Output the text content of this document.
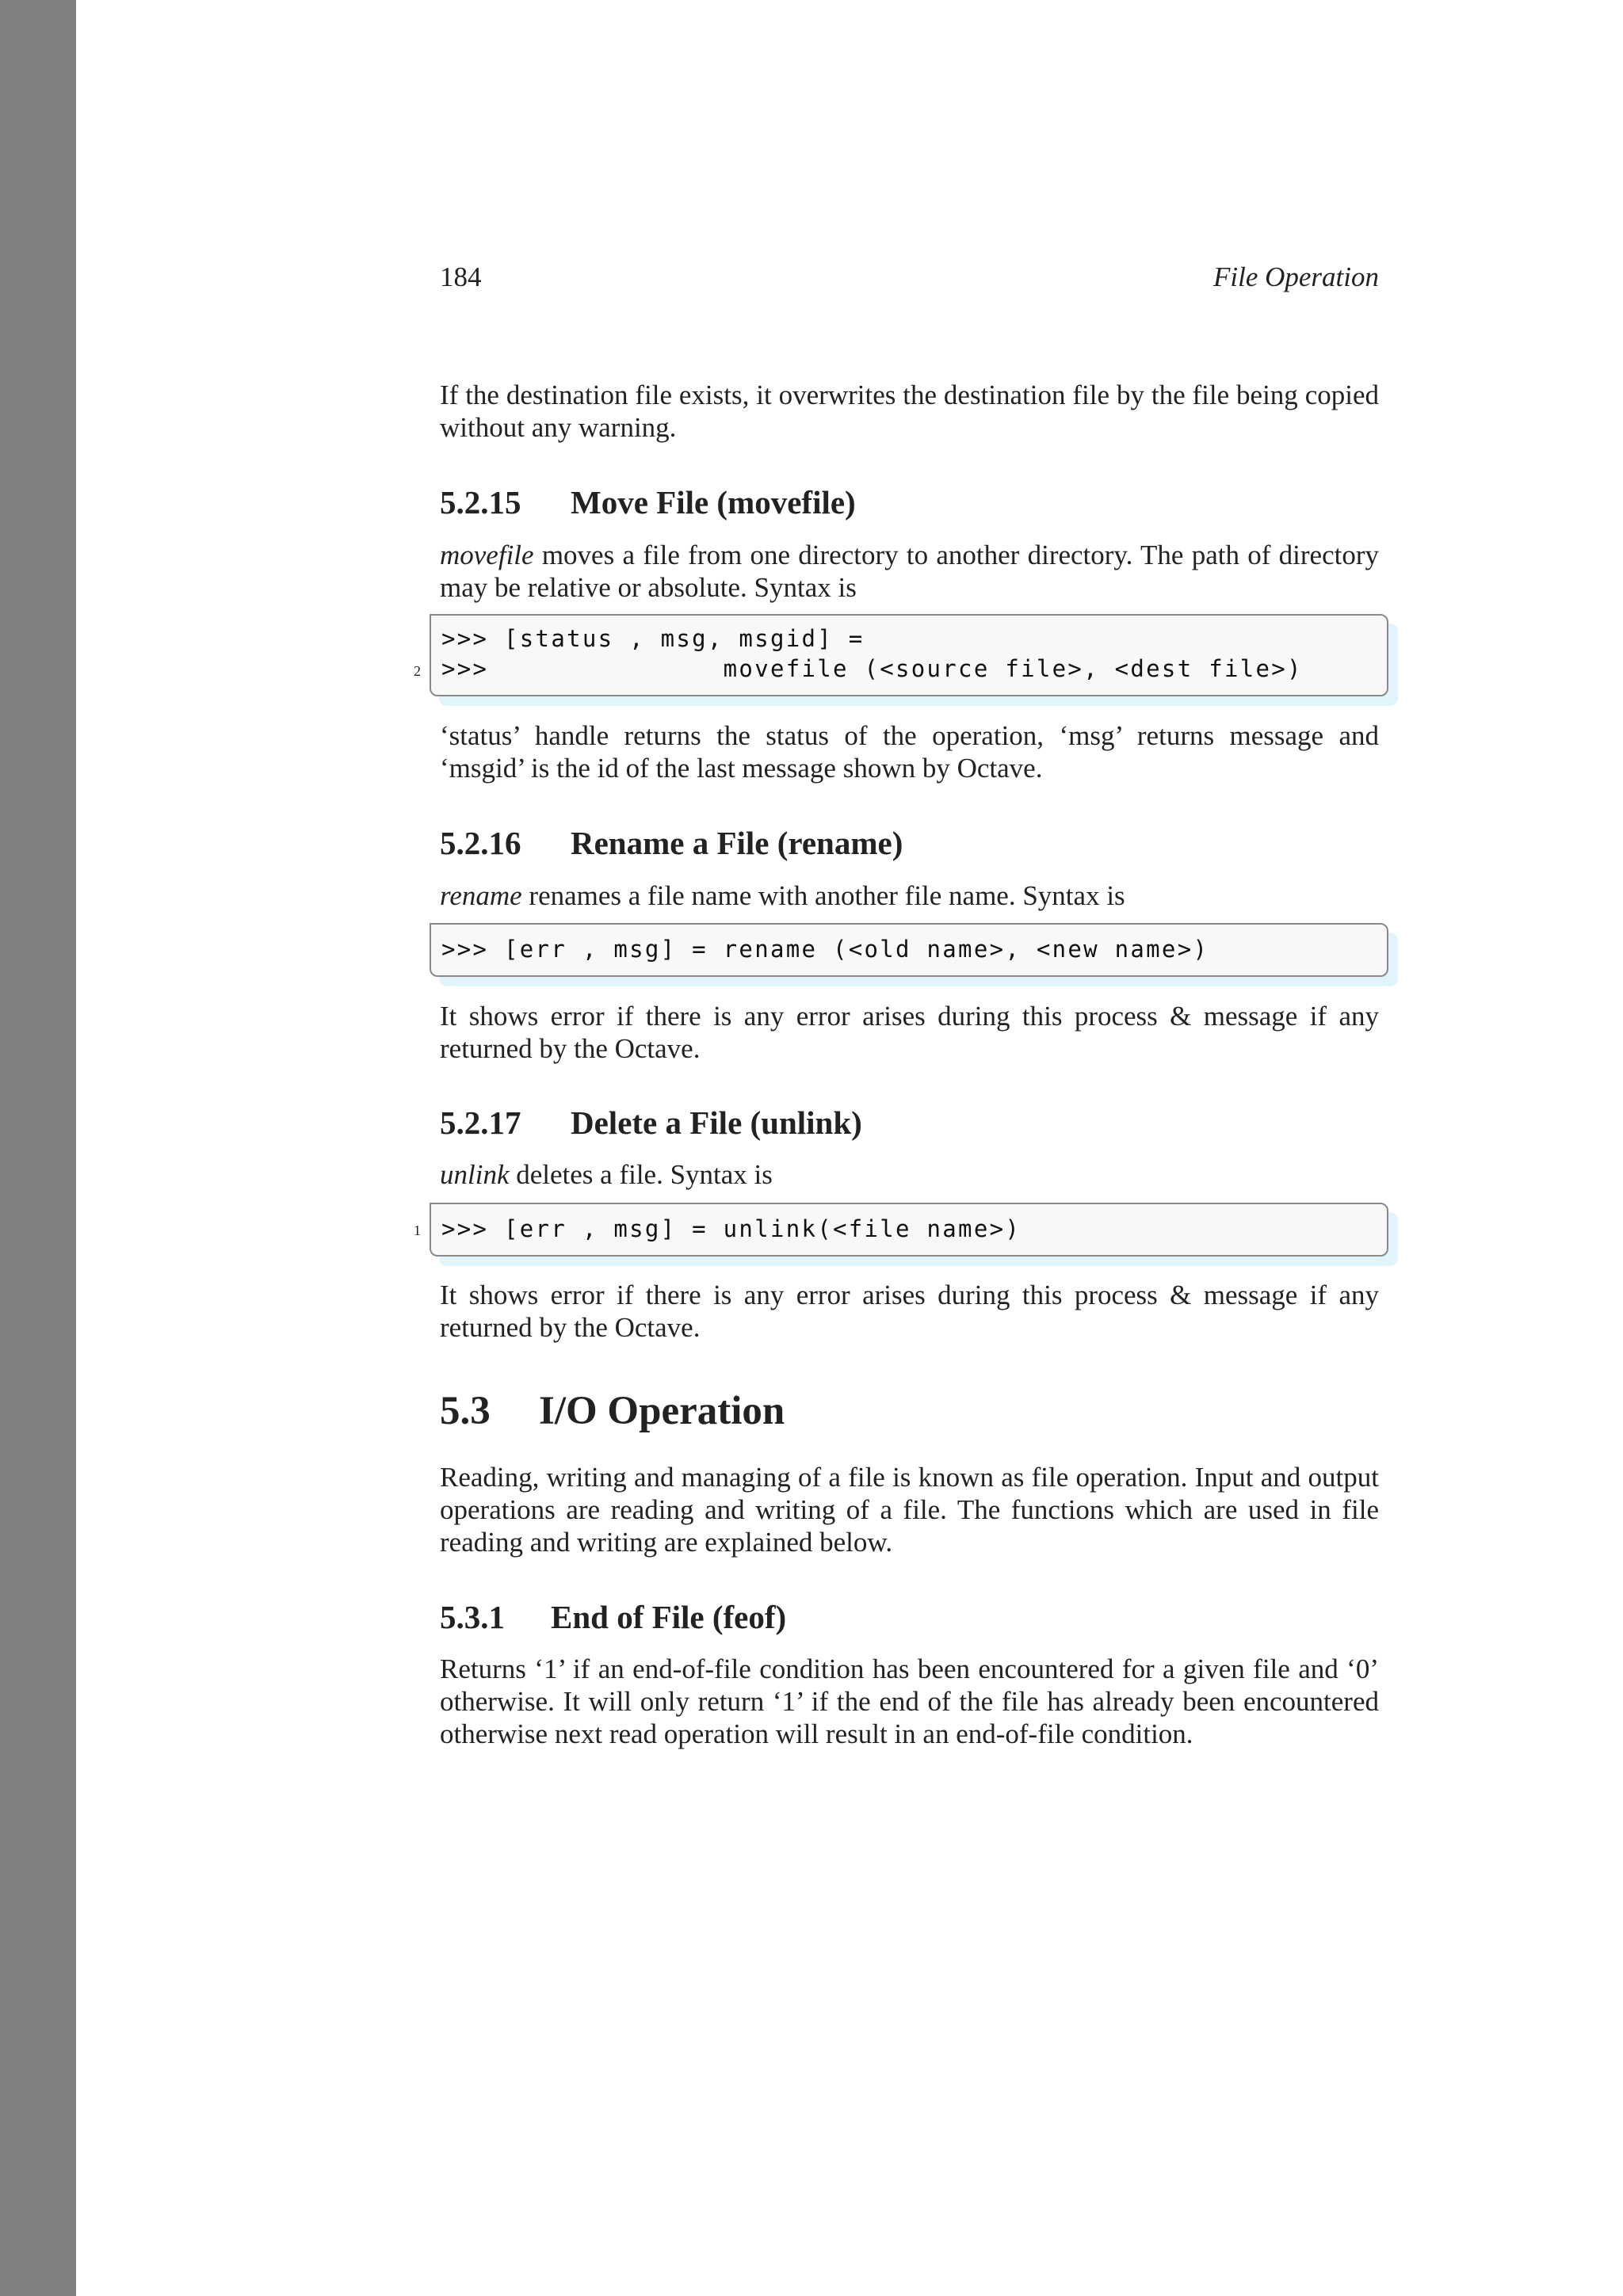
184	File Operation

If the destination file exists, it overwrites the destination file by the file being copied without any warning.

5.2.15 Move File (movefile)

movefile moves a file from one directory to another directory. The path of directory may be relative or absolute. Syntax is

>>> [status , msg, msgid] =
>>>               movefile (<source file>, <dest file>)
2

‘status’ handle returns the status of the operation, ‘msg’ returns message and ‘msgid’ is the id of the last message shown by Octave.

5.2.16 Rename a File (rename)

rename renames a file name with another file name. Syntax is

>>> [err , msg] = rename (<old name>, <new name>)

It shows error if there is any error arises during this process & message if any returned by the Octave.

5.2.17 Delete a File (unlink)

unlink deletes a file. Syntax is

>>> [err , msg] = unlink(<file name>)
1

It shows error if there is any error arises during this process & message if any returned by the Octave.

5.3 I/O Operation

Reading, writing and managing of a file is known as file operation. Input and output operations are reading and writing of a file. The functions which are used in file reading and writing are explained below.

5.3.1 End of File (feof)

Returns ‘1’ if an end-of-file condition has been encountered for a given file and ‘0’ otherwise. It will only return ‘1’ if the end of the file has already been encountered otherwise next read operation will result in an end-of-file condition.
